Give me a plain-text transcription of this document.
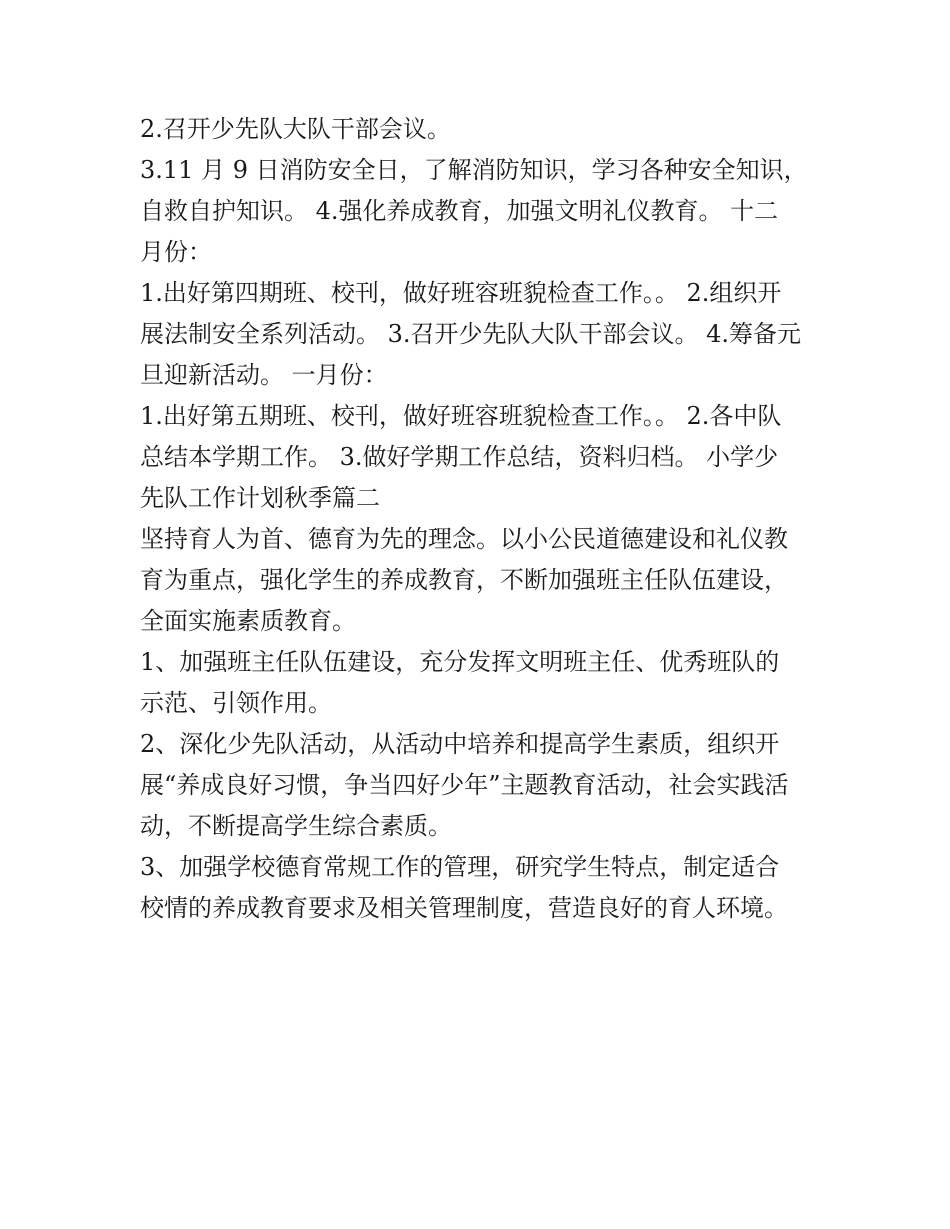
2.召开少先队大队干部会议。
3.11 月 9 日消防安全日，了解消防知识，学习各种安全知识，
自救自护知识。 4.强化养成教育，加强文明礼仪教育。 十二
月份：
1.出好第四期班、校刊，做好班容班貌检查工作。。 2.组织开
展法制安全系列活动。 3.召开少先队大队干部会议。 4.筹备元
旦迎新活动。 一月份：
1.出好第五期班、校刊，做好班容班貌检查工作。。 2.各中队
总结本学期工作。 3.做好学期工作总结，资料归档。 小学少
先队工作计划秋季篇二
坚持育人为首、德育为先的理念。以小公民道德建设和礼仪教
育为重点，强化学生的养成教育，不断加强班主任队伍建设，
全面实施素质教育。
1、加强班主任队伍建设，充分发挥文明班主任、优秀班队的
示范、引领作用。
2、深化少先队活动，从活动中培养和提高学生素质，组织开
展“养成良好习惯，争当四好少年”主题教育活动，社会实践活
动，不断提高学生综合素质。
3、加强学校德育常规工作的管理，研究学生特点，制定适合
校情的养成教育要求及相关管理制度，营造良好的育人环境。
